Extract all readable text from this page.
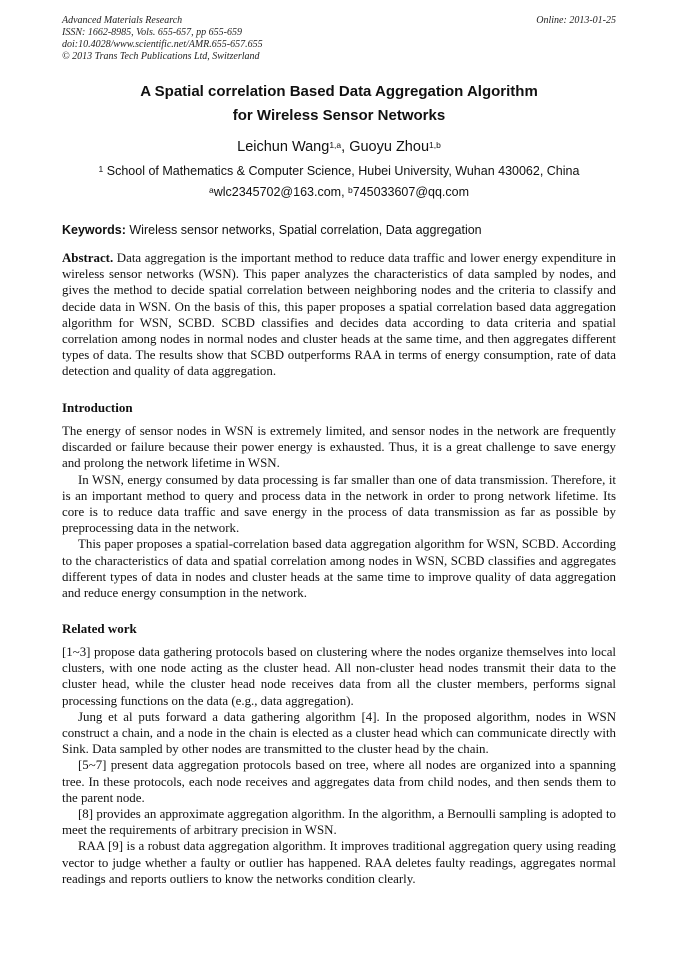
Advanced Materials Research
ISSN: 1662-8985, Vols. 655-657, pp 655-659
doi:10.4028/www.scientific.net/AMR.655-657.655
© 2013 Trans Tech Publications Ltd, Switzerland
Online: 2013-01-25
A Spatial correlation Based Data Aggregation Algorithm
for Wireless Sensor Networks
Leichun Wang$^{1,a}$, Guoyu Zhou$^{1,b}$
$^1$ School of Mathematics & Computer Science, Hubei University, Wuhan 430062, China
$^a$wlc2345702@163.com, $^b$745033607@qq.com
Keywords: Wireless sensor networks, Spatial correlation, Data aggregation

Abstract. Data aggregation is the important method to reduce data traffic and lower energy expenditure in wireless sensor networks (WSN). This paper analyzes the characteristics of data sampled by nodes, and gives the method to decide spatial correlation between neighboring nodes and the criteria to classify and decide data in WSN. On the basis of this, this paper proposes a spatial correlation based data aggregation algorithm for WSN, SCBD. SCBD classifies and decides data according to data criteria and spatial correlation among nodes in normal nodes and cluster heads at the same time, and then aggregates different types of data. The results show that SCBD outperforms RAA in terms of energy consumption, rate of data detection and quality of data aggregation.

Introduction

The energy of sensor nodes in WSN is extremely limited, and sensor nodes in the network are frequently discarded or failure because their power energy is exhausted. Thus, it is a great challenge to save energy and prolong the network lifetime in WSN.

In WSN, energy consumed by data processing is far smaller than one of data transmission. Therefore, it is an important method to query and process data in the network in order to prong network lifetime. Its core is to reduce data traffic and save energy in the process of data transmission as far as possible by preprocessing data in the network.

This paper proposes a spatial-correlation based data aggregation algorithm for WSN, SCBD. According to the characteristics of data and spatial correlation among nodes in WSN, SCBD classifies and aggregates different types of data in nodes and cluster heads at the same time to improve quality of data aggregation and reduce energy consumption in the network.

Related work

[1~3] propose data gathering protocols based on clustering where the nodes organize themselves into local clusters, with one node acting as the cluster head. All non-cluster head nodes transmit their data to the cluster head, while the cluster head node receives data from all the cluster members, performs signal processing functions on the data (e.g., data aggregation).

Jung et al puts forward a data gathering algorithm [4]. In the proposed algorithm, nodes in WSN construct a chain, and a node in the chain is elected as a cluster head which can communicate directly with Sink. Data sampled by other nodes are transmitted to the cluster head by the chain.

[5~7] present data aggregation protocols based on tree, where all nodes are organized into a spanning tree. In these protocols, each node receives and aggregates data from child nodes, and then sends them to the parent node.

[8] provides an approximate aggregation algorithm. In the algorithm, a Bernoulli sampling is adopted to meet the requirements of arbitrary precision in WSN.

RAA [9] is a robust data aggregation algorithm. It improves traditional aggregation query using reading vector to judge whether a faulty or outlier has happened. RAA deletes faulty readings, aggregates normal readings and reports outliers to know the networks condition clearly.
